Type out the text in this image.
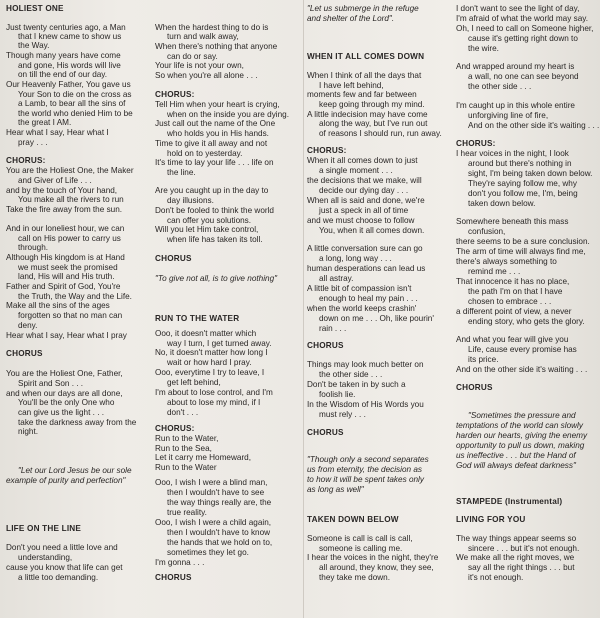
HOLIEST ONE

Just twenty centuries ago, a Man

that I knew came to show us

the Way.

Though many years have come

and gone, His words will live

on till the end of our day.

Our Heavenly Father, You gave us

Your Son to die on the cross as

a Lamb, to bear all the sins of

the world who denied Him to be

the great I AM.

Hear what I say, Hear what I

pray . . .

CHORUS:

You are the Holiest One, the Maker

and Giver of Life . . .

and by the touch of Your hand,

You make all the rivers to run

Take the fire away from the sun.

And in our loneliest hour, we can

call on His power to carry us

through.

Although His kingdom is at Hand

we must seek the promised

land, His will and His truth.

Father and Spirit of God, You're

the Truth, the Way and the Life.

Make all the sins of the ages

forgotten so that no man can

deny.

Hear what I say, Hear what I pray

CHORUS

You are the Holiest One, Father,

Spirit and Son . . .

and when our days are all done,

You'll be the only One who

can give us the light . . .

take the darkness away from the

night.

"Let our Lord Jesus be our sole

example of purity and perfection"

LIFE ON THE LINE

Don't you need a little love and

understanding,

cause you know that life can get

a little too demanding.

When the hardest thing to do is

turn and walk away,

When there's nothing that anyone

can do or say.

Your life is not your own,

So when you're all alone . . .

CHORUS:

Tell Him when your heart is crying,

when on the inside you are dying.

Just call out the name of the One

who holds you in His hands.

Time to give it all away and not

hold on to yesterday.

It's time to lay your life . . . life on

the line.

Are you caught up in the day to

day illusions.

Don't be fooled to think the world

can offer you solutions.

Will you let Him take control,

when life has taken its toll.

CHORUS

"To give not all, is to give nothing"

RUN TO THE WATER

Ooo, it doesn't matter which

way I turn, I get turned away.

No, it doesn't matter how long I

wait or how hard I pray.

Ooo, everytime I try to leave, I

get left behind,

I'm about to lose control, and I'm

about to lose my mind, if I

don't . . .

CHORUS:

Run to the Water,

Run to the Sea,

Let it carry me Homeward,

Run to the Water

Ooo, I wish I were a blind man,

then I wouldn't have to see

the way things really are, the

true reality.

Ooo, I wish I were a child again,

then I wouldn't have to know

the hands that we hold on to,

sometimes they let go.

I'm gonna . . .

CHORUS

"Let us submerge in the refuge

and shelter of the Lord".

WHEN IT ALL COMES DOWN

When I think of all the days that

I have left behind,

moments few and far between

keep going through my mind.

A little indecision may have come

along the way, but I've run out

of reasons I should run, run away.

CHORUS:

When it all comes down to just

a single moment . . .

the decisions that we make, will

decide our dying day . . .

When all is said and done, we're

just a speck in all of time

and we must choose to follow

You, when it all comes down.

A little conversation sure can go

a long, long way . . .

human desperations can lead us

all astray.

A little bit of compassion isn't

enough to heal my pain . . .

when the world keeps crashin'

down on me . . . Oh, like pourin'

rain . . .

CHORUS

Things may look much better on

the other side . . .

Don't be taken in by such a

foolish lie.

In the Wisdom of His Words you

must rely . . .

CHORUS

"Though only a second separates

us from eternity, the decision as

to how it will be spent takes only

as long as well"

TAKEN DOWN BELOW

Someone is call is call is call,

someone is calling me.

I hear the voices in the night, they're

all around, they know, they see,

they take me down.

I don't want to see the light of day,

I'm afraid of what the world may say.

Oh, I need to call on Someone higher,

cause it's getting right down to

the wire.

And wrapped around my heart is

a wall, no one can see beyond

the other side . . .

I'm caught up in this whole entire

unforgiving line of fire,

And on the other side it's waiting . . .

CHORUS:

I hear voices in the night, I look

around but there's nothing in

sight, I'm being taken down below.

They're saying follow me, why

don't you follow me, I'm, being

taken down below.

Somewhere beneath this mass

confusion,

there seems to be a sure conclusion.

The arm of time will always find me,

there's always something to

remind me . . .

That innocence it has no place,

the path I'm on that I have

chosen to embrace . . .

a different point of view, a never

ending story, who gets the glory.

And what you fear will give you

Life, cause every promise has

its price.

And on the other side it's waiting . . .

CHORUS

"Sometimes the pressure and

temptations of the world can slowly

harden our hearts, giving the enemy

opportunity to pull us down, making

us ineffective . . . but the Hand of

God will always defeat darkness"

STAMPEDE (Instrumental)

LIVING FOR YOU

The way things appear seems so

sincere . . . but it's not enough.

We make all the right moves, we

say all the right things . . . but

it's not enough.
